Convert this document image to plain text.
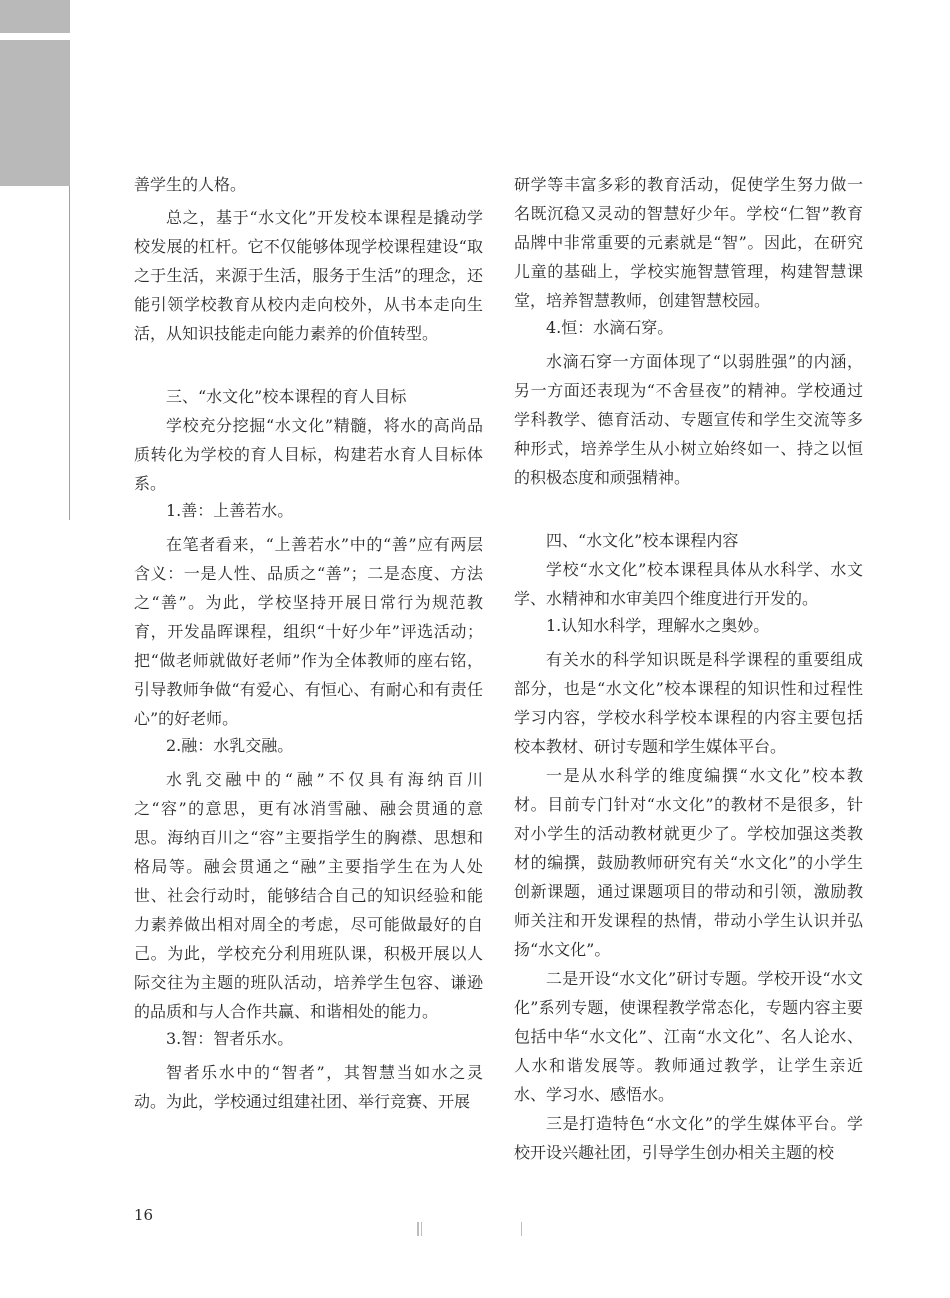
善学生的人格。

总之，基于“水文化”开发校本课程是撬动学校发展的杠杆。它不仅能够体现学校课程建设“取之于生活，来源于生活，服务于生活”的理念，还能引领学校教育从校内走向校外，从书本走向生活，从知识技能走向能力素养的价值转型。

三、“水文化”校本课程的育人目标

学校充分挖掘“水文化”精髓，将水的高尚品质转化为学校的育人目标，构建若水育人目标体系。

1.善：上善若水。

在笔者看来，“上善若水”中的“善”应有两层含义：一是人性、品质之“善”；二是态度、方法之“善”。为此，学校坚持开展日常行为规范教育，开发晶晖课程，组织“十好少年”评选活动；把“做老师就做好老师”作为全体教师的座右铭，引导教师争做“有爱心、有恒心、有耐心和有责任心”的好老师。

2.融：水乳交融。

水乳交融中的“融”不仅具有海纳百川之“容”的意思，更有冰消雪融、融会贯通的意思。海纳百川之“容”主要指学生的胸襟、思想和格局等。融会贯通之“融”主要指学生在为人处世、社会行动时，能够结合自己的知识经验和能力素养做出相对周全的考虑，尽可能做最好的自己。为此，学校充分利用班队课，积极开展以人际交往为主题的班队活动，培养学生包容、谦逊的品质和与人合作共赢、和谐相处的能力。

3.智：智者乐水。

智者乐水中的“智者”，其智慧当如水之灵动。为此，学校通过组建社团、举行竞赛、开展

研学等丰富多彩的教育活动，促使学生努力做一名既沉稳又灵动的智慧好少年。学校“仁智”教育品牌中非常重要的元素就是“智”。因此，在研究儿童的基础上，学校实施智慧管理，构建智慧课堂，培养智慧教师，创建智慧校园。

4.恒：水滴石穿。

水滴石穿一方面体现了“以弱胜强”的内涵，另一方面还表现为“不舍昼夜”的精神。学校通过学科教学、德育活动、专题宣传和学生交流等多种形式，培养学生从小树立始终如一、持之以恒的积极态度和顽强精神。

四、“水文化”校本课程内容

学校“水文化”校本课程具体从水科学、水文学、水精神和水审美四个维度进行开发的。

1.认知水科学，理解水之奥妙。

有关水的科学知识既是科学课程的重要组成部分，也是“水文化”校本课程的知识性和过程性学习内容，学校水科学校本课程的内容主要包括校本教材、研讨专题和学生媒体平台。

一是从水科学的维度编撰“水文化”校本教材。目前专门针对“水文化”的教材不是很多，针对小学生的活动教材就更少了。学校加强这类教材的编撰，鼓励教师研究有关“水文化”的小学生创新课题，通过课题项目的带动和引领，激励教师关注和开发课程的热情，带动小学生认识并弘扬“水文化”。

二是开设“水文化”研讨专题。学校开设“水文化”系列专题，使课程教学常态化，专题内容主要包括中华“水文化”、江南“水文化”、名人论水、人水和谐发展等。教师通过教学，让学生亲近水、学习水、感悟水。

三是打造特色“水文化”的学生媒体平台。学校开设兴趣社团，引导学生创办相关主题的校

16
